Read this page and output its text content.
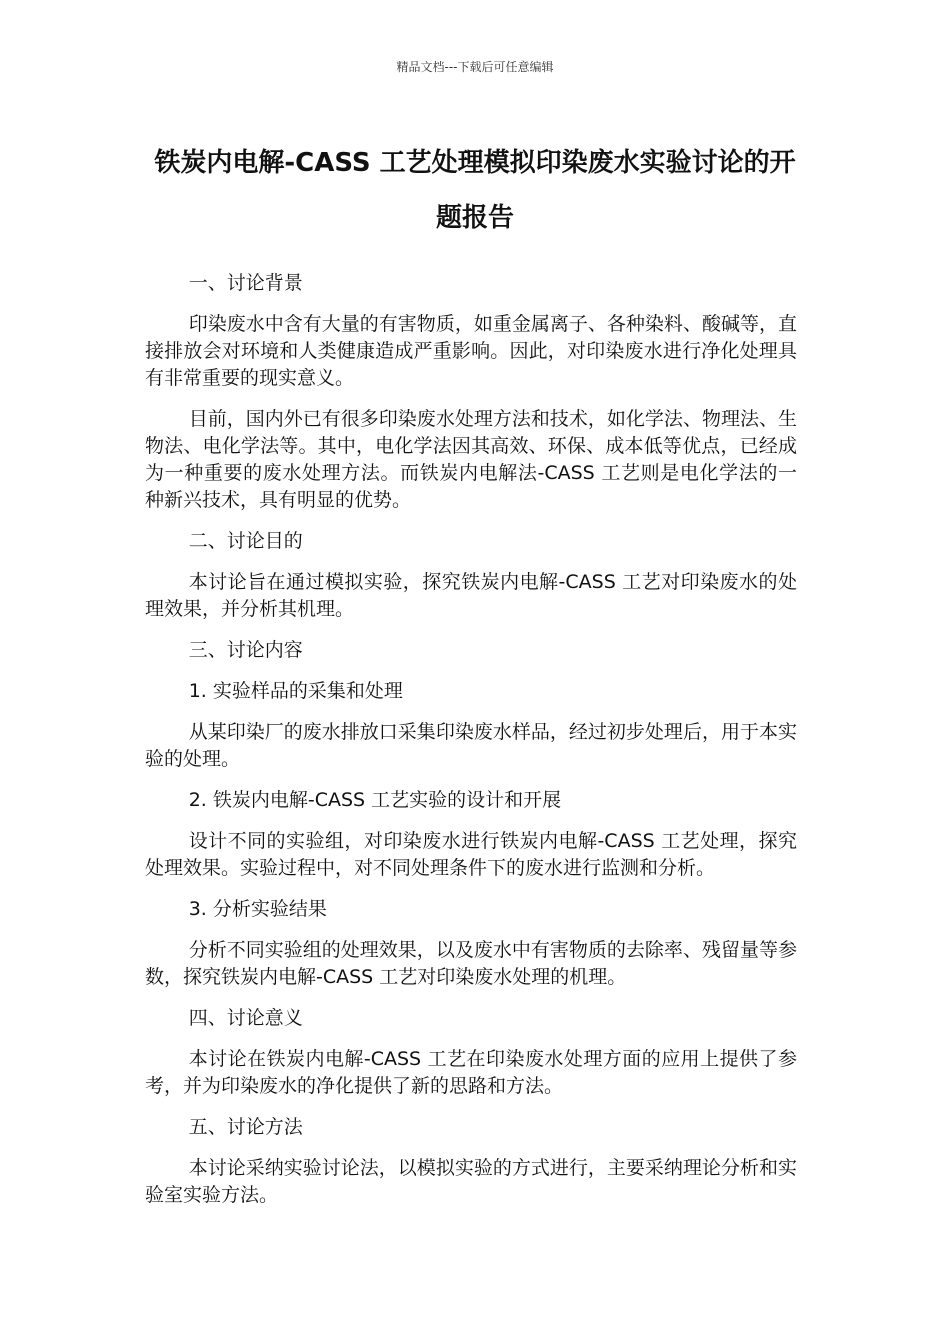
精品文档---下载后可任意编辑
铁炭内电解-CASS 工艺处理模拟印染废水实验讨论的开题报告

一、讨论背景

印染废水中含有大量的有害物质，如重金属离子、各种染料、酸碱等，直接排放会对环境和人类健康造成严重影响。因此，对印染废水进行净化处理具有非常重要的现实意义。

目前，国内外已有很多印染废水处理方法和技术，如化学法、物理法、生物法、电化学法等。其中，电化学法因其高效、环保、成本低等优点，已经成为一种重要的废水处理方法。而铁炭内电解法-CASS 工艺则是电化学法的一种新兴技术，具有明显的优势。

二、讨论目的

本讨论旨在通过模拟实验，探究铁炭内电解-CASS 工艺对印染废水的处理效果，并分析其机理。

三、讨论内容

1. 实验样品的采集和处理

从某印染厂的废水排放口采集印染废水样品，经过初步处理后，用于本实验的处理。

2. 铁炭内电解-CASS 工艺实验的设计和开展

设计不同的实验组，对印染废水进行铁炭内电解-CASS 工艺处理，探究处理效果。实验过程中，对不同处理条件下的废水进行监测和分析。

3. 分析实验结果

分析不同实验组的处理效果，以及废水中有害物质的去除率、残留量等参数，探究铁炭内电解-CASS 工艺对印染废水处理的机理。

四、讨论意义

本讨论在铁炭内电解-CASS 工艺在印染废水处理方面的应用上提供了参考，并为印染废水的净化提供了新的思路和方法。

五、讨论方法

本讨论采纳实验讨论法，以模拟实验的方式进行，主要采纳理论分析和实验室实验方法。
